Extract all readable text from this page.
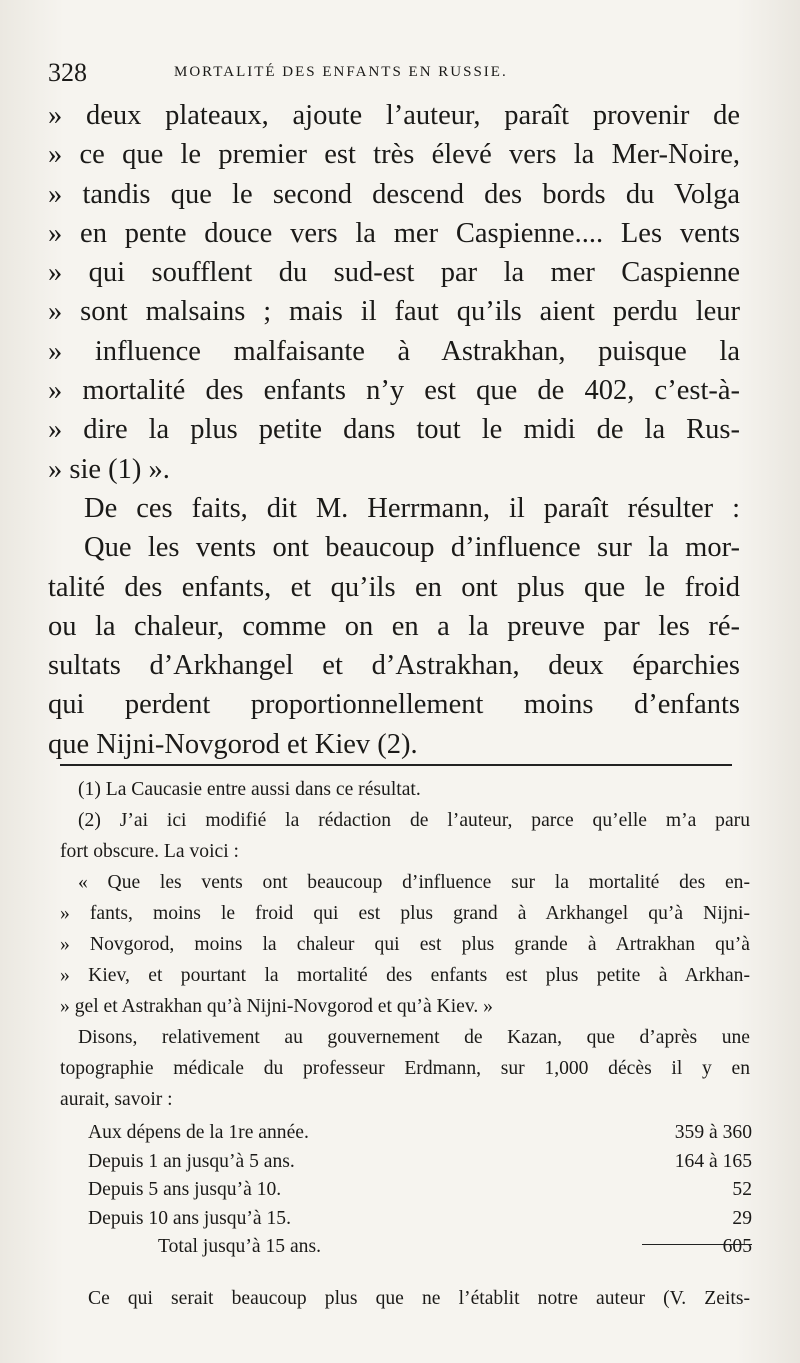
328	MORTALITÉ DES ENFANTS EN RUSSIE.
» deux plateaux, ajoute l’auteur, paraît provenir de
» ce que le premier est très élevé vers la Mer-Noire,
» tandis que le second descend des bords du Volga
» en pente douce vers la mer Caspienne.... Les vents
» qui soufflent du sud-est par la mer Caspienne
» sont malsains ; mais il faut qu’ils aient perdu leur
» influence malfaisante à Astrakhan, puisque la
» mortalité des enfants n’y est que de 402, c’est-à-
» dire la plus petite dans tout le midi de la Rus-
» sie (1) ».
De ces faits, dit M. Herrmann, il paraît résulter :
Que les vents ont beaucoup d’influence sur la mor-
talité des enfants, et qu’ils en ont plus que le froid
ou la chaleur, comme on en a la preuve par les ré-
sultats d’Arkhangel et d’Astrakhan, deux éparchies
qui perdent proportionnellement moins d’enfants
que Nijni-Novgorod et Kiev (2).
(1) La Caucasie entre aussi dans ce résultat.
(2) J’ai ici modifié la rédaction de l’auteur, parce qu’elle m’a paru
fort obscure. La voici :
« Que les vents ont beaucoup d’influence sur la mortalité des en-
» fants, moins le froid qui est plus grand à Arkhangel qu’à Nijni-
» Novgorod, moins la chaleur qui est plus grande à Artrakhan qu’à
» Kiev, et pourtant la mortalité des enfants est plus petite à Arkhan-
» gel et Astrakhan qu’à Nijni-Novgorod et qu’à Kiev. »
Disons, relativement au gouvernement de Kazan, que d’après une
topographie médicale du professeur Erdmann, sur 1,000 décès il y en
aurait, savoir :
Aux dépens de la 1re année.	359 à 360
Depuis 1 an jusqu’à 5 ans.	164 à 165
Depuis 5 ans jusqu’à 10.	52
Depuis 10 ans jusqu’à 15.	29
Total jusqu’à 15 ans.	605
Ce qui serait beaucoup plus que ne l’établit notre auteur (V. Zeits-
